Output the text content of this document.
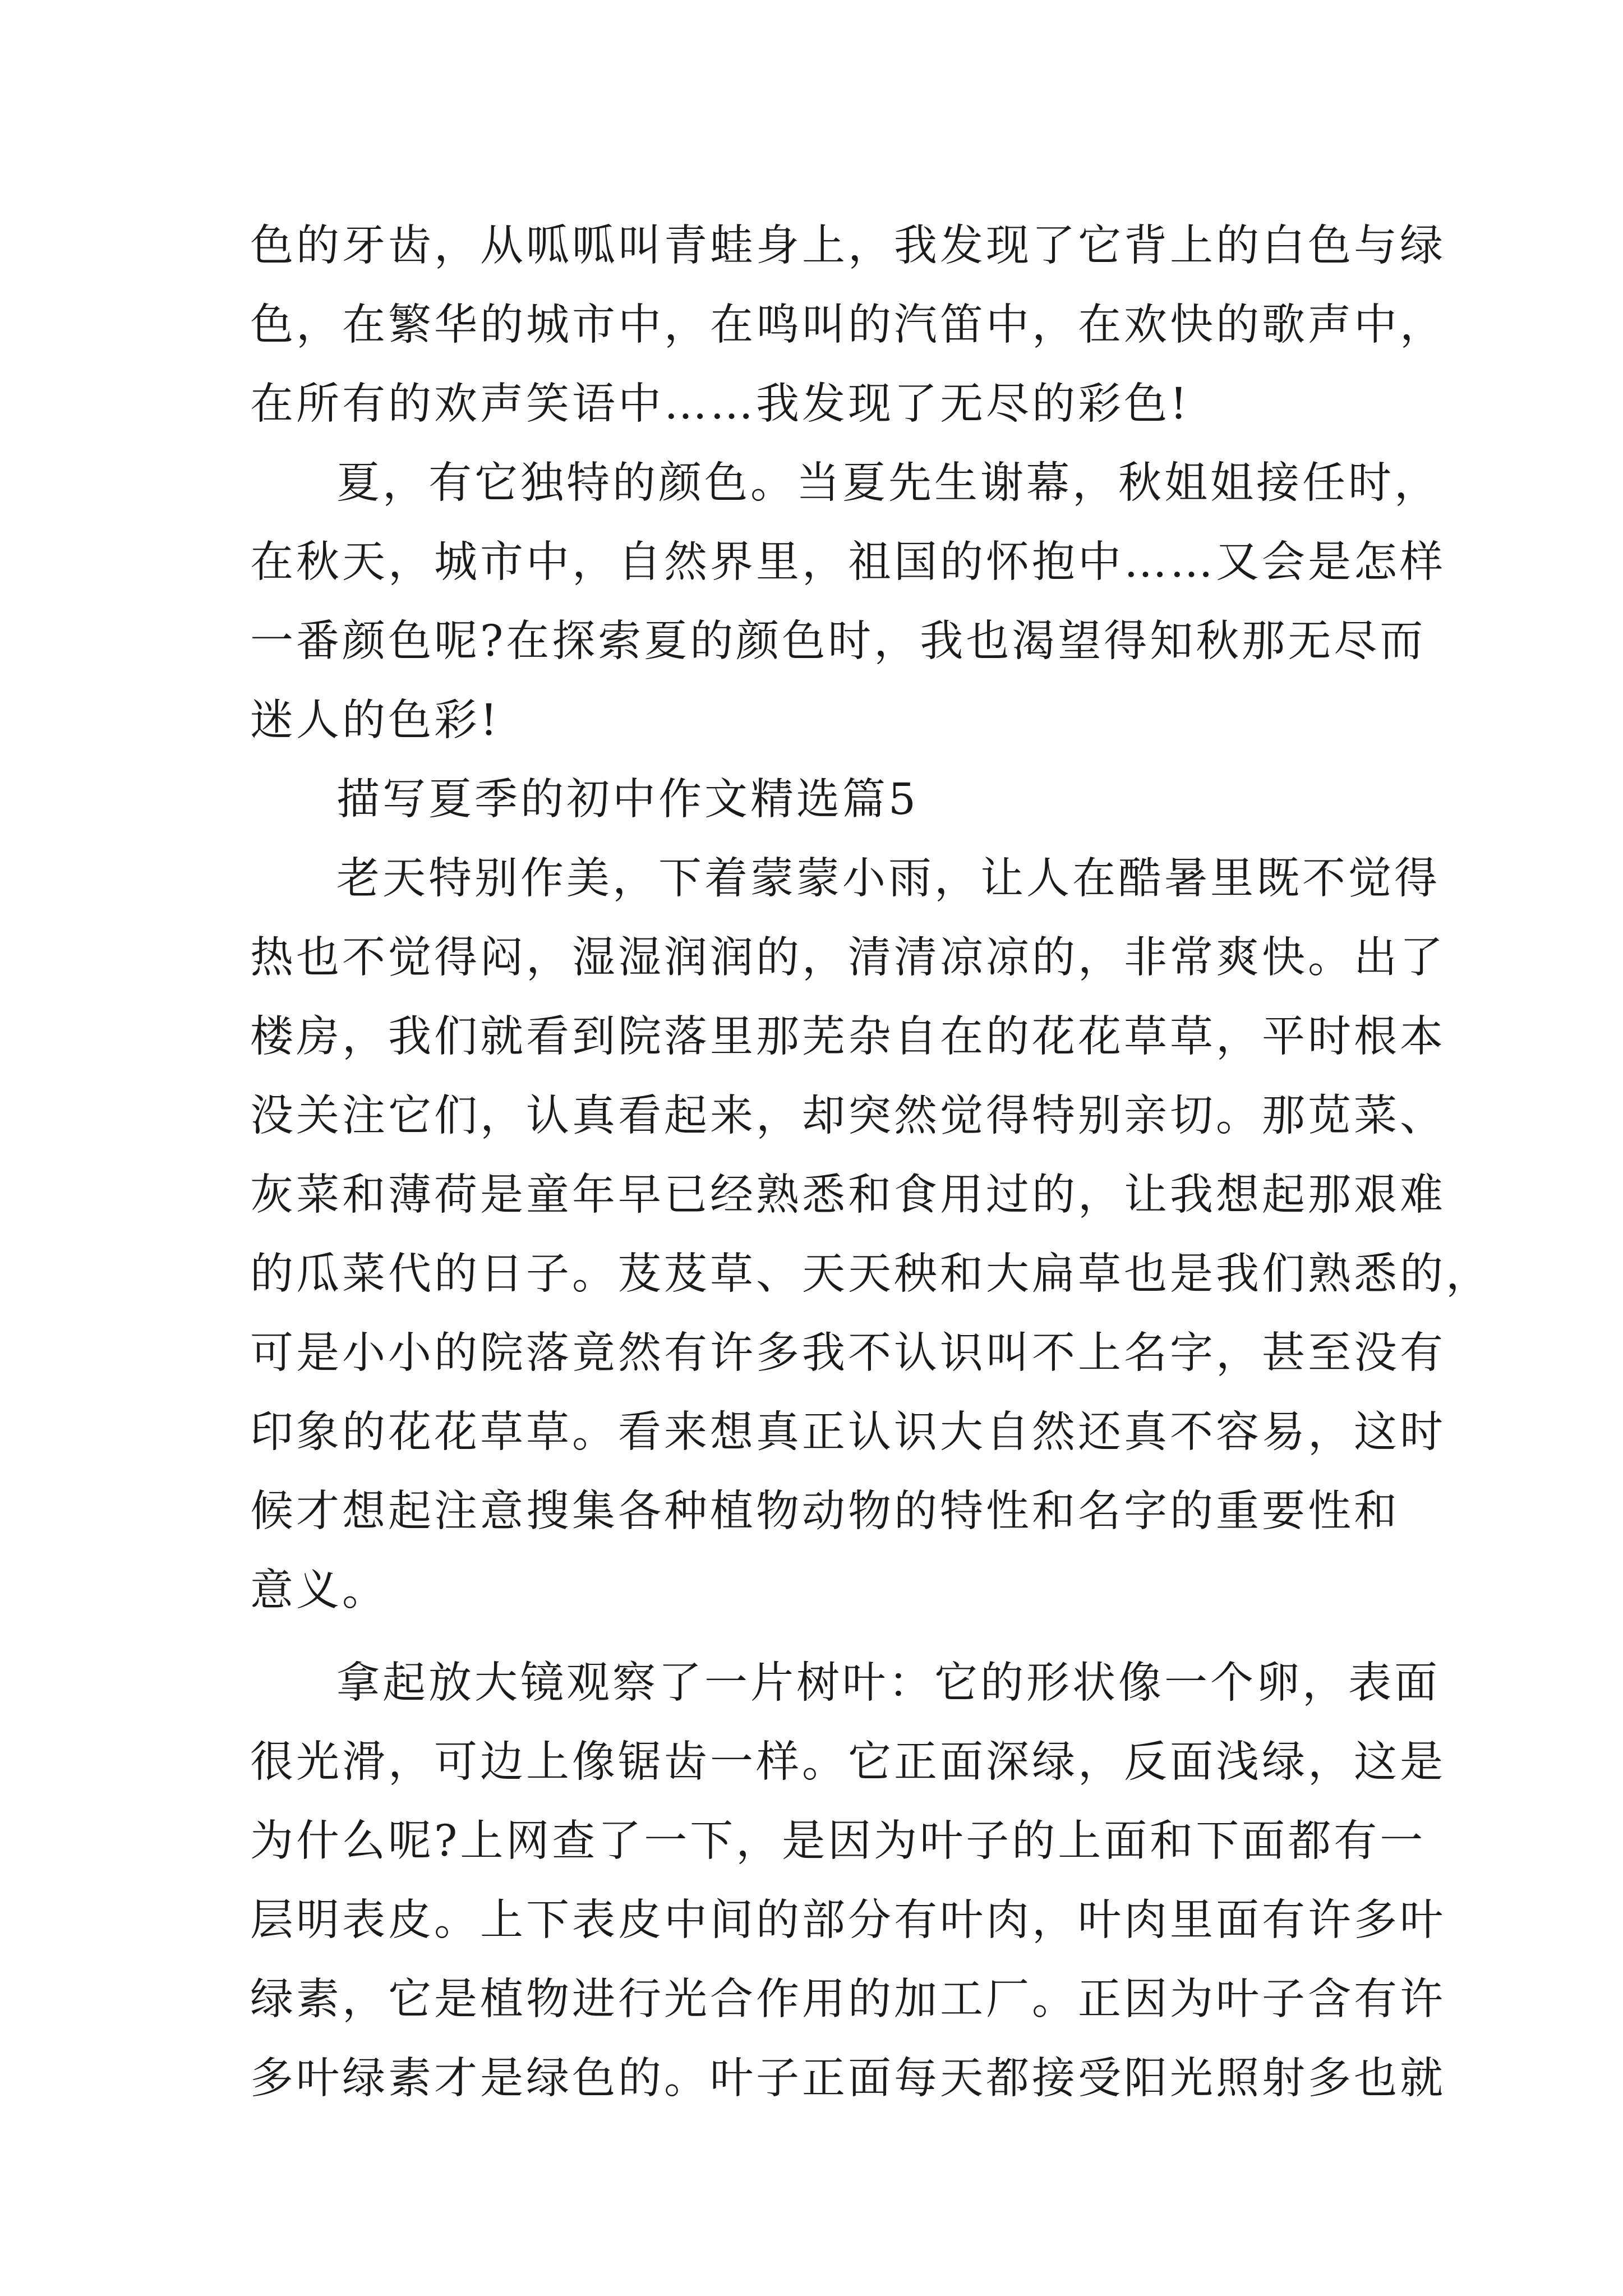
色的牙齿，从呱呱叫青蛙身上，我发现了它背上的白色与绿
色，在繁华的城市中，在鸣叫的汽笛中，在欢快的歌声中，
在所有的欢声笑语中……我发现了无尽的彩色!
夏，有它独特的颜色。当夏先生谢幕，秋姐姐接任时，
在秋天，城市中，自然界里，祖国的怀抱中……又会是怎样
一番颜色呢?在探索夏的颜色时，我也渴望得知秋那无尽而
迷人的色彩!
描写夏季的初中作文精选篇5
老天特别作美，下着蒙蒙小雨，让人在酷暑里既不觉得
热也不觉得闷，湿湿润润的，清清凉凉的，非常爽快。出了
楼房，我们就看到院落里那芜杂自在的花花草草，平时根本
没关注它们，认真看起来，却突然觉得特别亲切。那苋菜、
灰菜和薄荷是童年早已经熟悉和食用过的，让我想起那艰难
的瓜菜代的日子。芨芨草、天天秧和大扁草也是我们熟悉的，
可是小小的院落竟然有许多我不认识叫不上名字，甚至没有
印象的花花草草。看来想真正认识大自然还真不容易，这时
候才想起注意搜集各种植物动物的特性和名字的重要性和
意义。
拿起放大镜观察了一片树叶：它的形状像一个卵，表面
很光滑，可边上像锯齿一样。它正面深绿，反面浅绿，这是
为什么呢?上网查了一下，是因为叶子的上面和下面都有一
层明表皮。上下表皮中间的部分有叶肉，叶肉里面有许多叶
绿素，它是植物进行光合作用的加工厂。正因为叶子含有许
多叶绿素才是绿色的。叶子正面每天都接受阳光照射多也就
